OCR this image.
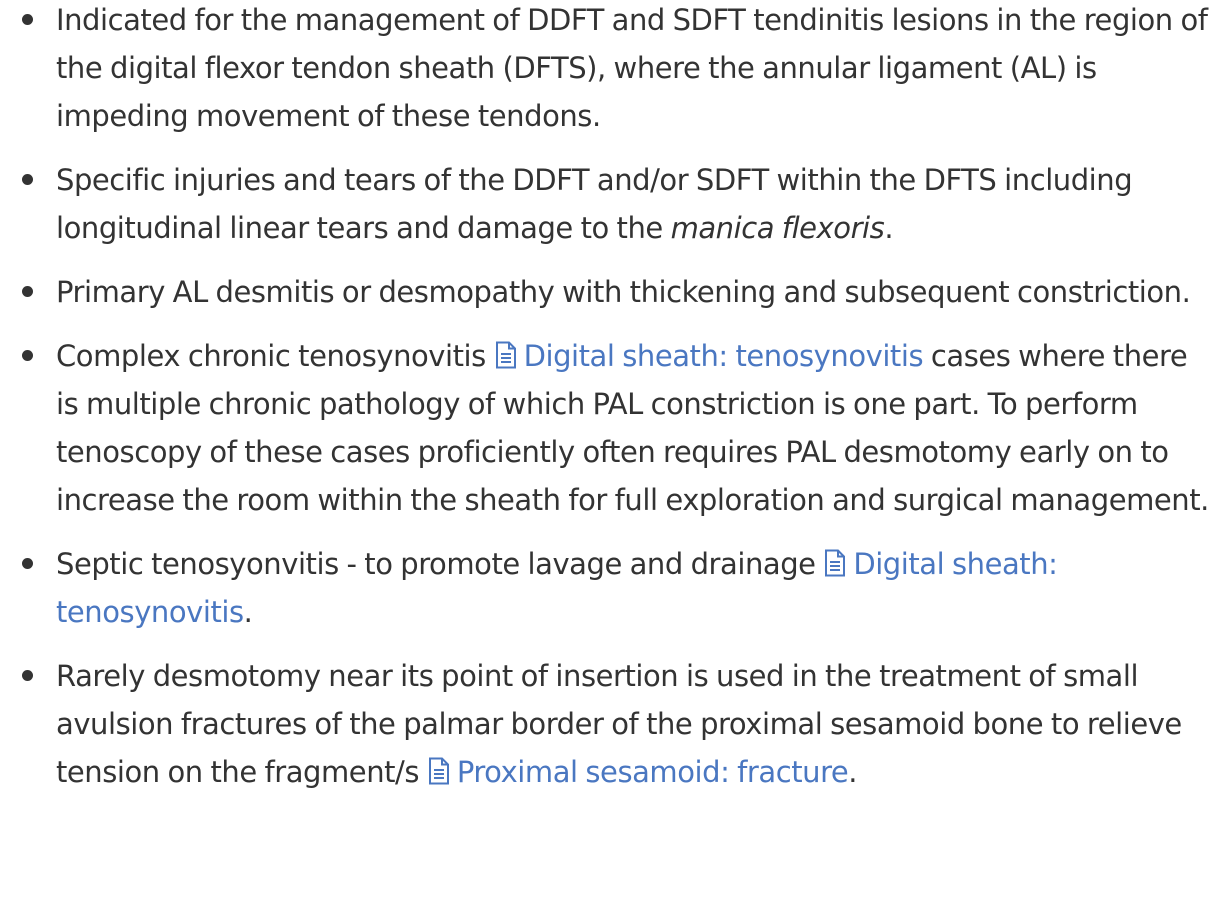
Indicated for the management of DDFT and SDFT tendinitis lesions in the region of the digital flexor tendon sheath (DFTS), where the annular ligament (AL) is impeding movement of these tendons.
Specific injuries and tears of the DDFT and/or SDFT within the DFTS including longitudinal linear tears and damage to the manica flexoris.
Primary AL desmitis or desmopathy with thickening and subsequent constriction.
Complex chronic tenosynovitis Digital sheath: tenosynovitis cases where there is multiple chronic pathology of which PAL constriction is one part. To perform tenoscopy of these cases proficiently often requires PAL desmotomy early on to increase the room within the sheath for full exploration and surgical management.
Septic tenosyonvitis - to promote lavage and drainage Digital sheath: tenosynovitis.
Rarely desmotomy near its point of insertion is used in the treatment of small avulsion fractures of the palmar border of the proximal sesamoid bone to relieve tension on the fragment/s Proximal sesamoid: fracture.
